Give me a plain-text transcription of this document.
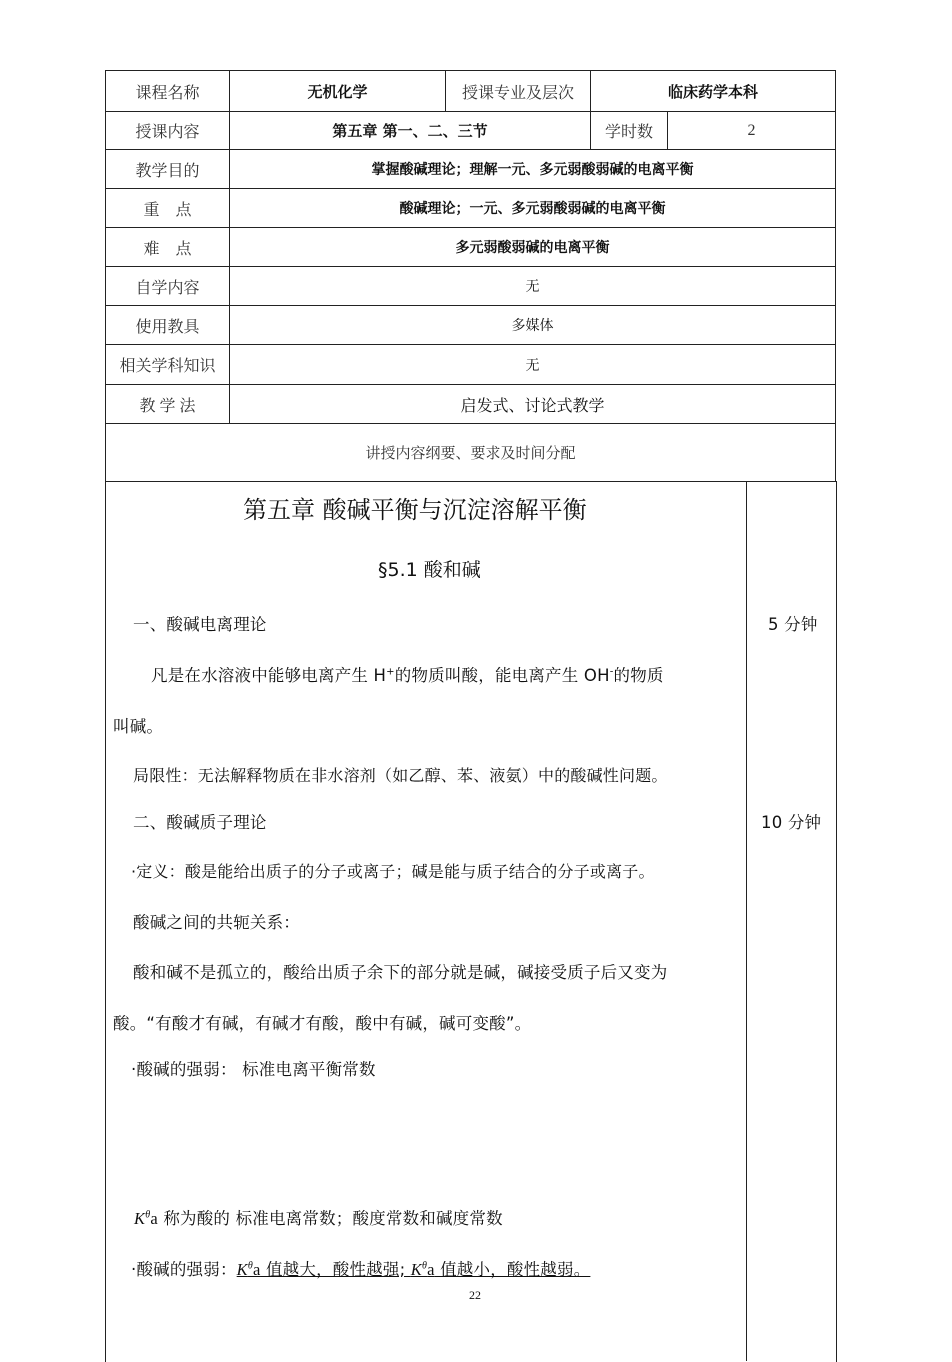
课程名称	无机化学	授课专业及层次	临床药学本科	
授课内容	第五章 第一、二、三节		学时数	2
教学目的	掌握酸碱理论；理解一元、多元弱酸弱碱的电离平衡			
重　点	酸碱理论；一元、多元弱酸弱碱的电离平衡			
难　点	多元弱酸弱碱的电离平衡			
自学内容	无			
使用教具	多媒体			
相关学科知识	无			
教 学 法	启发式、讨论式教学			
讲授内容纲要、要求及时间分配				
第五章 酸碱平衡与沉淀溶解平衡
§5.1 酸和碱
一、酸碱电离理论	5 分钟
凡是在水溶液中能够电离产生 H+的物质叫酸，能电离产生 OH-的物质
叫碱。
局限性：无法解释物质在非水溶剂（如乙醇、苯、液氨）中的酸碱性问题。
二、酸碱质子理论	10 分钟
·定义：酸是能给出质子的分子或离子；碱是能与质子结合的分子或离子。
酸碱之间的共轭关系：
酸和碱不是孤立的，酸给出质子余下的部分就是碱，碱接受质子后又变为
酸。“有酸才有碱，有碱才有酸，酸中有碱，碱可变酸”。
·酸碱的强弱： 标准电离平衡常数
$K^\theta a$ 称为酸的 标准电离常数；酸度常数和碱度常数
·酸碱的强弱：$K^\theta a$ 值越大，酸性越强; $K^\theta a$ 值越小，酸性越弱。
22
